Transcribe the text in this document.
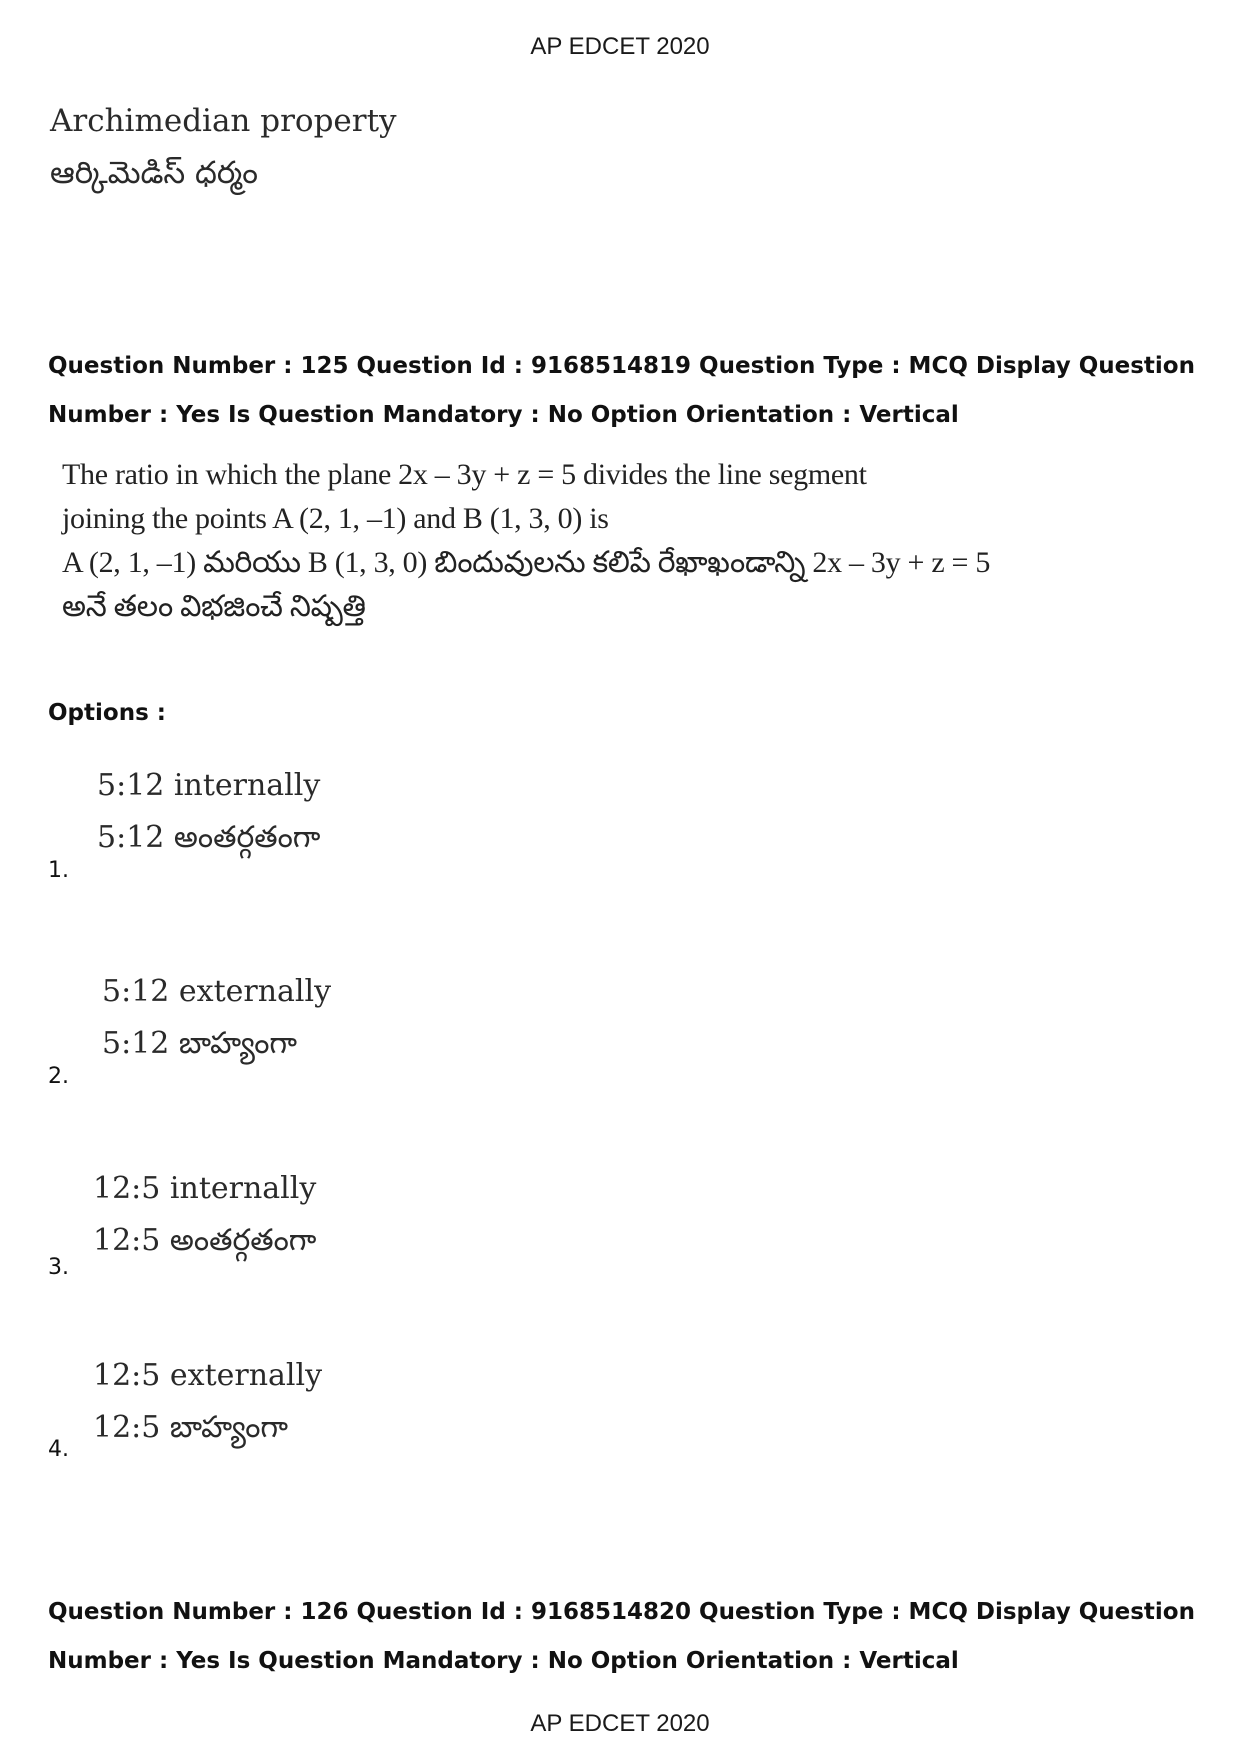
AP EDCET 2020
Archimedian property
ఆర్కిమెడిస్ ధర్మం
Question Number : 125 Question Id : 9168514819 Question Type : MCQ Display Question
Number : Yes Is Question Mandatory : No Option Orientation : Vertical
The ratio in which the plane 2x – 3y + z = 5 divides the line segment
joining the points A (2, 1, –1) and B (1, 3, 0) is
A (2, 1, –1) మరియు B (1, 3, 0) బిందువులను కలిపే రేఖాఖండాన్ని 2x – 3y + z = 5
అనే తలం విభజించే నిష్పత్తి
Options :
5:12 internally
5:12 అంతర్గతంగా
1.
5:12 externally
5:12 బాహ్యంగా
2.
12:5 internally
12:5 అంతర్గతంగా
3.
12:5 externally
12:5 బాహ్యంగా
4.
Question Number : 126 Question Id : 9168514820 Question Type : MCQ Display Question
Number : Yes Is Question Mandatory : No Option Orientation : Vertical
AP EDCET 2020
